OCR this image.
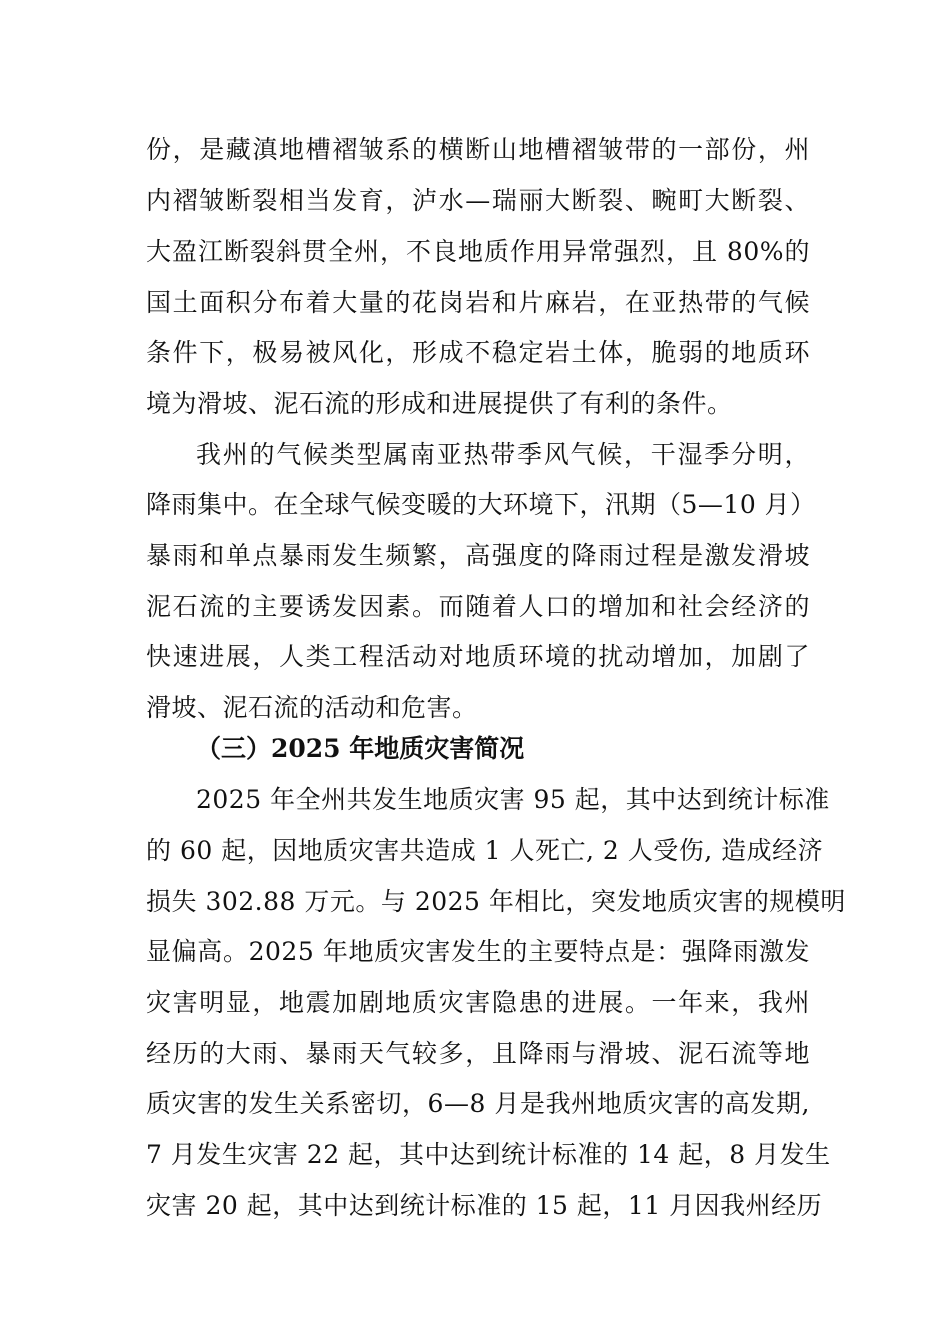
份，是藏滇地槽褶皱系的横断山地槽褶皱带的一部份，州
内褶皱断裂相当发育，泸水—瑞丽大断裂、畹町大断裂、
大盈江断裂斜贯全州，不良地质作用异常强烈，且 80%的
国土面积分布着大量的花岗岩和片麻岩，在亚热带的气候
条件下，极易被风化，形成不稳定岩土体，脆弱的地质环
境为滑坡、泥石流的形成和进展提供了有利的条件。
我州的气候类型属南亚热带季风气候，干湿季分明，
降雨集中。在全球气候变暖的大环境下，汛期（5—10 月）
暴雨和单点暴雨发生频繁，高强度的降雨过程是激发滑坡
泥石流的主要诱发因素。而随着人口的增加和社会经济的
快速进展，人类工程活动对地质环境的扰动增加，加剧了
滑坡、泥石流的活动和危害。
（三）2025 年地质灾害简况
2025 年全州共发生地质灾害 95 起，其中达到统计标准
的 60 起，因地质灾害共造成 1 人死亡, 2 人受伤, 造成经济
损失 302.88 万元。与 2025 年相比，突发地质灾害的规模明
显偏高。2025 年地质灾害发生的主要特点是：强降雨激发
灾害明显，地震加剧地质灾害隐患的进展。一年来，我州
经历的大雨、暴雨天气较多，且降雨与滑坡、泥石流等地
质灾害的发生关系密切，6—8 月是我州地质灾害的高发期,
7 月发生灾害 22 起，其中达到统计标准的 14 起，8 月发生
灾害 20 起，其中达到统计标准的 15 起，11 月因我州经历
